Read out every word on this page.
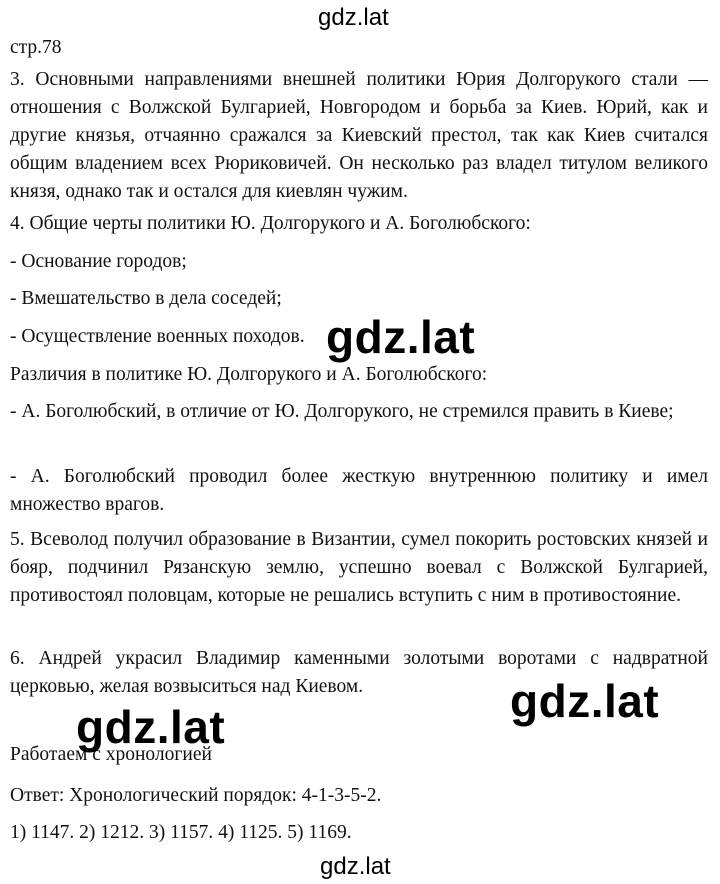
gdz.lat

стр.78

3. Основными направлениями внешней политики Юрия Долгорукого стали — отношения с Волжской Булгарией, Новгородом и борьба за Киев. Юрий, как и другие князья, отчаянно сражался за Киевский престол, так как Киев считался общим владением всех Рюриковичей. Он несколько раз владел титулом великого князя, однако так и остался для киевлян чужим.

4. Общие черты политики Ю. Долгорукого и А. Боголюбского:

- Основание городов;

- Вмешательство в дела соседей;

- Осуществление военных походов.

Различия в политике Ю. Долгорукого и А. Боголюбского:

- А. Боголюбский, в отличие от Ю. Долгорукого, не стремился править в Киеве;

- А. Боголюбский проводил более жесткую внутреннюю политику и имел множество врагов.

5. Всеволод получил образование в Византии, сумел покорить ростовских князей и бояр, подчинил Рязанскую землю, успешно воевал с Волжской Булгарией, противостоял половцам, которые не решались вступить с ним в противостояние.

6. Андрей украсил Владимир каменными золотыми воротами с надвратной церковью, желая возвыситься над Киевом.

Работаем с хронологией

Ответ: Хронологический порядок: 4-1-3-5-2.

1) 1147. 2) 1212. 3) 1157. 4) 1125. 5) 1169.

gdz.lat
gdz.lat
gdz.lat
gdz.lat
